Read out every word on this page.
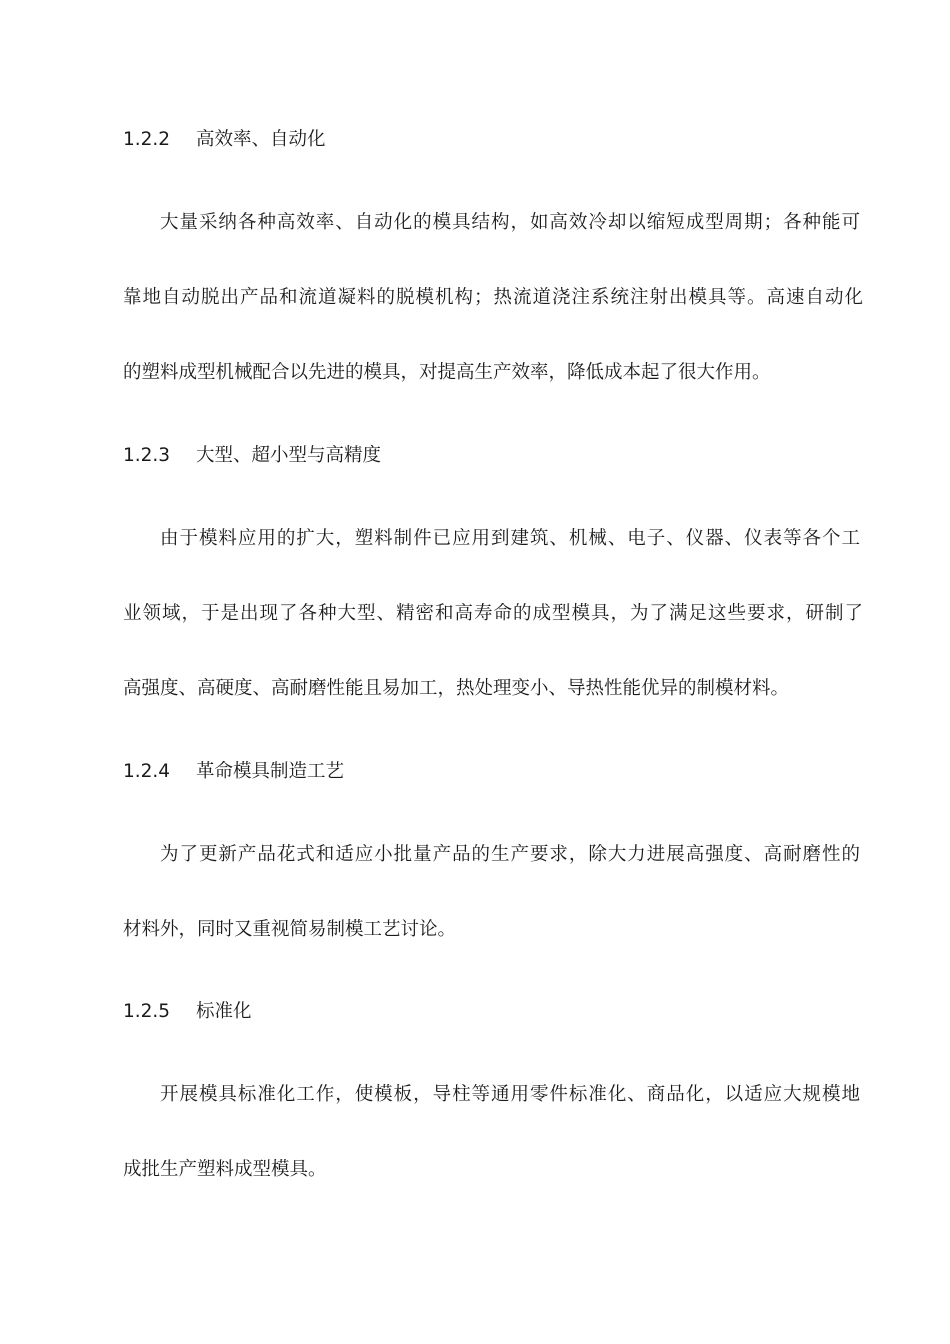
1.2.2 高效率、自动化
大量采纳各种高效率、自动化的模具结构，如高效冷却以缩短成型周期；各种能可
靠地自动脱出产品和流道凝料的脱模机构；热流道浇注系统注射出模具等。高速自动化
的塑料成型机械配合以先进的模具，对提高生产效率，降低成本起了很大作用。
1.2.3 大型、超小型与高精度
由于模料应用的扩大，塑料制件已应用到建筑、机械、电子、仪器、仪表等各个工
业领域，于是出现了各种大型、精密和高寿命的成型模具，为了满足这些要求，研制了
高强度、高硬度、高耐磨性能且易加工，热处理变小、导热性能优异的制模材料。
1.2.4 革命模具制造工艺
为了更新产品花式和适应小批量产品的生产要求，除大力进展高强度、高耐磨性的
材料外，同时又重视简易制模工艺讨论。
1.2.5 标准化
开展模具标准化工作，使模板，导柱等通用零件标准化、商品化，以适应大规模地
成批生产塑料成型模具。
